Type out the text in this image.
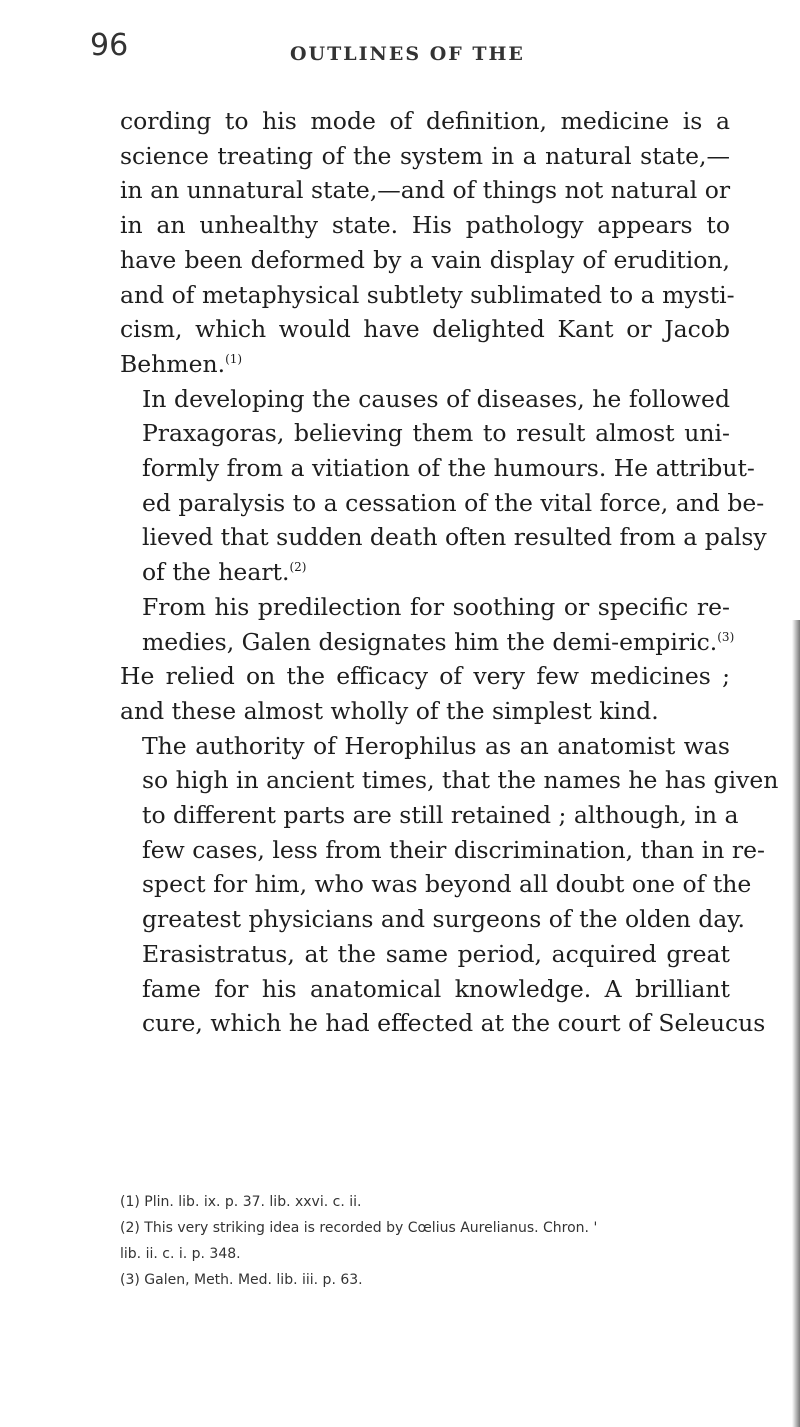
96	OUTLINES OF THE

cording to his mode of definition, medicine is a
science treating of the system in a natural state,—
in an unnatural state,—and of things not natural or
in an unhealthy state. His pathology appears to
have been deformed by a vain display of erudition,
and of metaphysical subtlety sublimated to a mysti-
cism, which would have delighted Kant or Jacob
Behmen.$^{(1)}$

In developing the causes of diseases, he followed
Praxagoras, believing them to result almost uni-
formly from a vitiation of the humours. He attribut-
ed paralysis to a cessation of the vital force, and be-
lieved that sudden death often resulted from a palsy
of the heart.$^{(2)}$

From his predilection for soothing or specific re-
medies, Galen designates him the demi-empiric.$^{(3)}$

He relied on the efficacy of very few medicines ;
and these almost wholly of the simplest kind.

The authority of Herophilus as an anatomist was
so high in ancient times, that the names he has given
to different parts are still retained ; although, in a
few cases, less from their discrimination, than in re-
spect for him, who was beyond all doubt one of the
greatest physicians and surgeons of the olden day.

Erasistratus, at the same period, acquired great
fame for his anatomical knowledge. A brilliant
cure, which he had effected at the court of Seleucus

(1) Plin. lib. ix. p. 37. lib. xxvi. c. ii.
(2) This very striking idea is recorded by Cœlius Aurelianus. Chron. '
lib. ii. c. i. p. 348.
(3) Galen, Meth. Med. lib. iii. p. 63.
